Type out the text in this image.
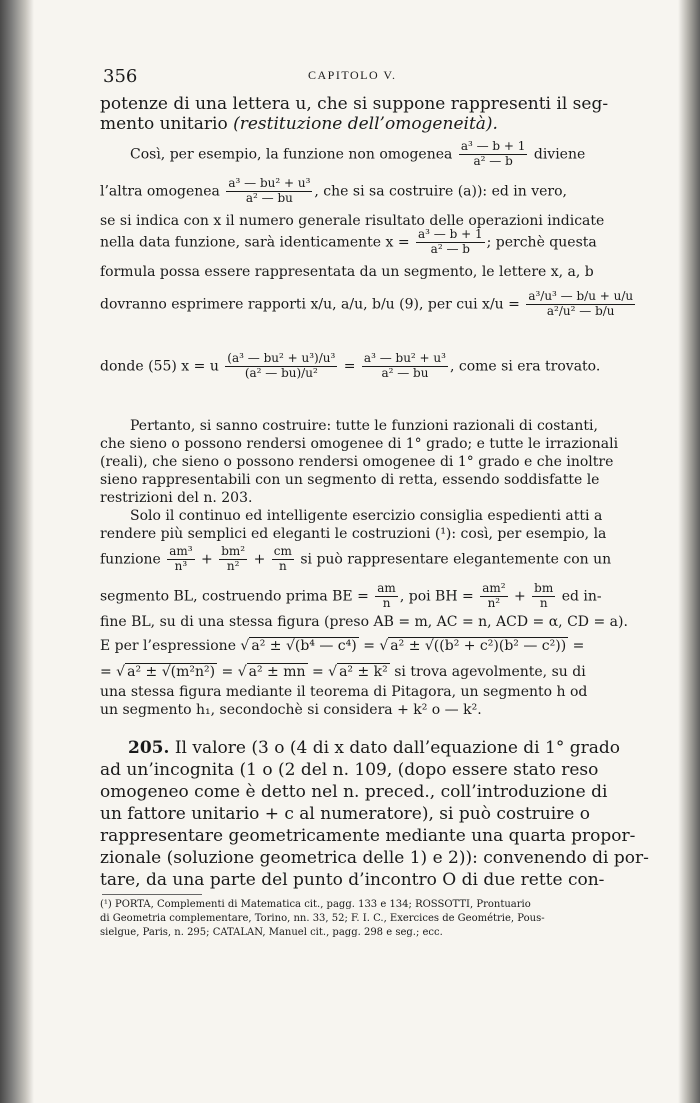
356	CAPITOLO V.
potenze di una lettera u, che si suppone rappresenti il seg-
mento unitario (restituzione dell’omogeneità).
Così, per esempio, la funzione non omogenea $\frac{\text{a³ — b + 1}}{\text{a² — b}}$ diviene
l’altra omogenea $\frac{\text{a³ — bu² + u³}}{\text{a² — bu}}$ , che si sa costruire (a)): ed in vero,
se si indica con x il numero generale risultato delle operazioni indicate
nella data funzione, sarà identicamente $x = \frac{\text{a³ — b + 1}}{\text{a² — b}}$ ; perchè questa
formula possa essere rappresentata da un segmento, le lettere x, a, b
dovranno esprimere rapporti x/u, a/u, b/u (9), per cui $x/u = \frac{\text{a³/u³ — b/u + u/u}}{\text{a²/u² — b/u}}$
donde (55) x = u $\frac{\text{(a³ — bu² + u³)/u³}}{\text{(a² — bu)/u²}} = \frac{\text{a³ — bu² + u³}}{\text{a² — bu}}$ , come si era trovato.
Pertanto, si sanno costruire: tutte le funzioni razionali di costanti,
che sieno o possono rendersi omogenee di 1° grado; e tutte le irrazionali
(reali), che sieno o possono rendersi omogenee di 1° grado e che inoltre
sieno rappresentabili con un segmento di retta, essendo soddisfatte le
restrizioni del n. 203.
Solo il continuo ed intelligente esercizio consiglia espedienti atti a
rendere più semplici ed eleganti le costruzioni (¹): così, per esempio, la
funzione $\frac{\text{am³}}{\text{n³}} + \frac{\text{bm²}}{\text{n²}} + \frac{cm}{n}$ si può rappresentare elegantemente con un
segmento BL, costruendo prima BE = $\frac{am}{n}$ , poi BH = $\frac{\text{am²}}{\text{n²}} + \frac{bm}{n}$ ed in-
fine BL, su di una stessa figura (preso AB = m, AC = n, ACD = α, CD = a).
E per l’espressione √ a² ± √(b⁴ — c⁴) = √ a² ± √((b² + c²)(b² — c²)) =
= √ a² ± √(m²n²) = √ a² ± mn = √ a² ± k² si trova agevolmente, su di
una stessa figura mediante il teorema di Pitagora, un segmento h od
un segmento h₁, secondochè si considera + k² o — k².
205. Il valore (3 o (4 di x dato dall’equazione di 1° grado
ad un’incognita (1 o (2 del n. 109, (dopo essere stato reso
omogeneo come è detto nel n. preced., coll’introduzione di
un fattore unitario + c al numeratore), si può costruire o
rappresentare geometricamente mediante una quarta propor-
zionale (soluzione geometrica delle 1) e 2)): convenendo di por-
tare, da una parte del punto d’incontro O di due rette con-
(¹) PORTA, Complementi di Matematica cit., pagg. 133 e 134; ROSSOTTI, Prontuario
di Geometria complementare, Torino, nn. 33, 52; F. I. C., Exercices de Geométrie, Pous-
sielgue, Paris, n. 295; CATALAN, Manuel cit., pagg. 298 e seg.; ecc.
